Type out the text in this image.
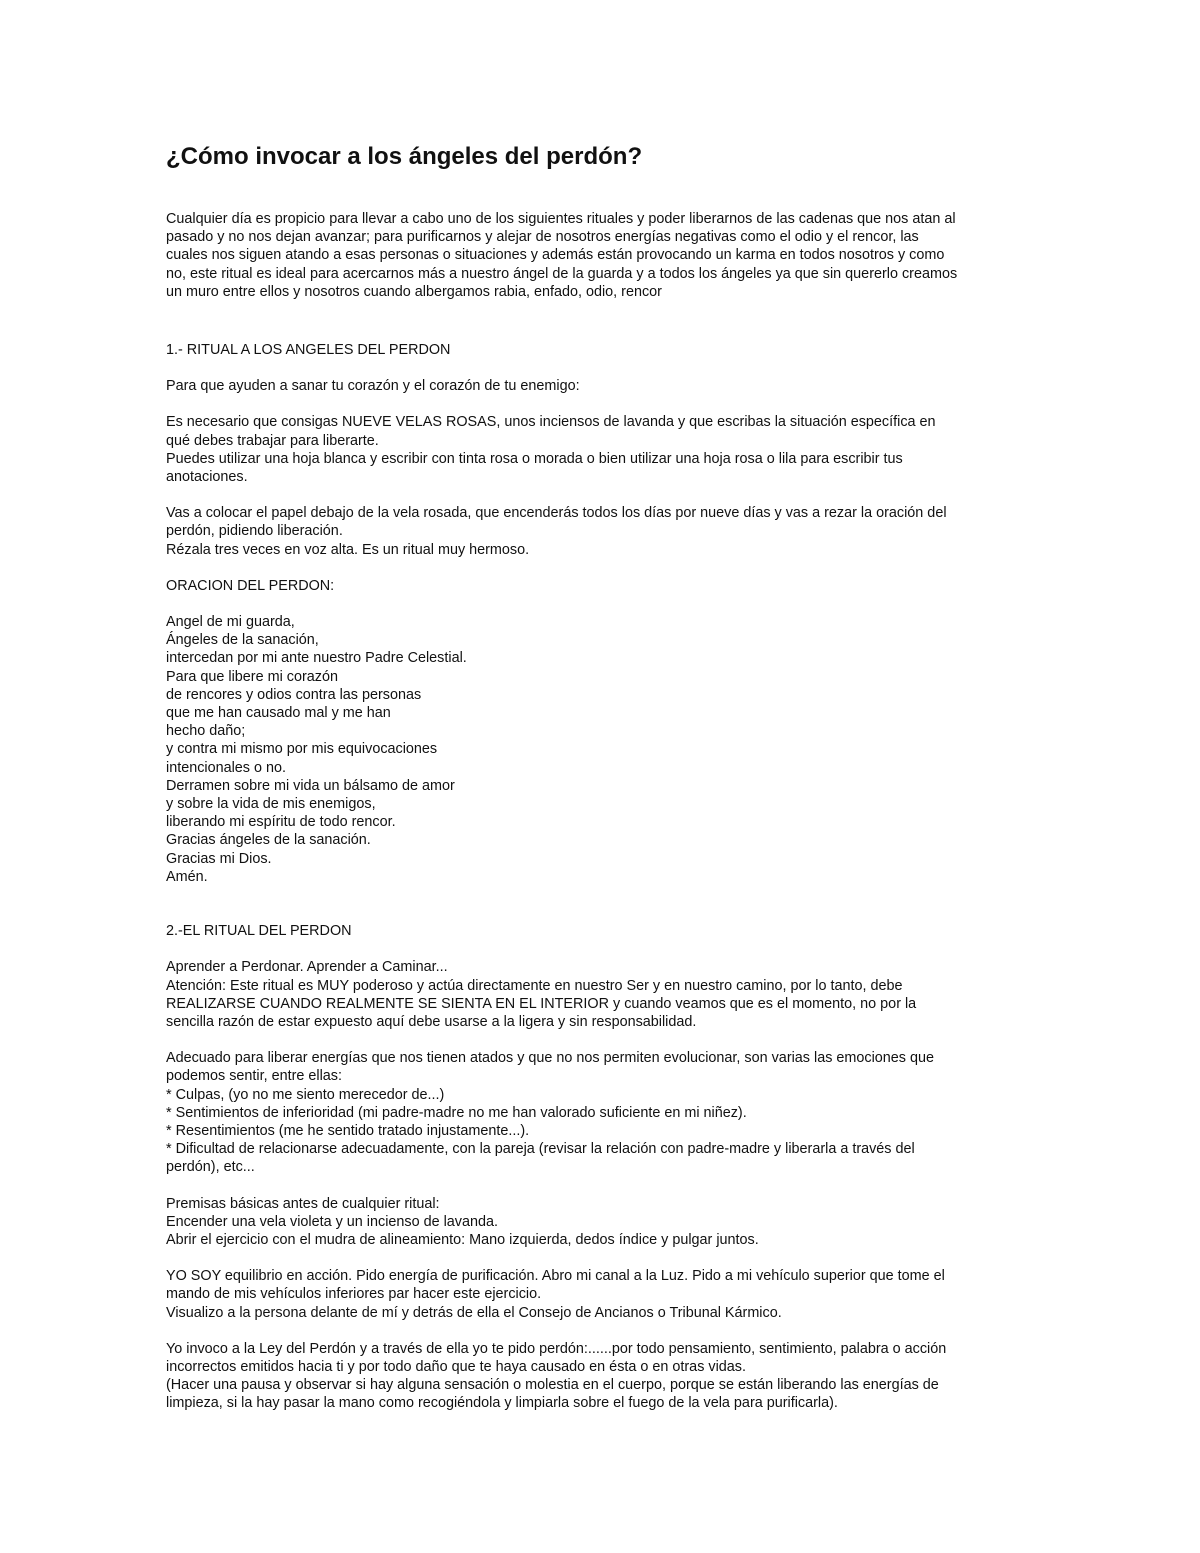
¿Cómo invocar a los ángeles del perdón?

Cualquier día es propicio para llevar a cabo uno de los siguientes rituales y poder liberarnos de las cadenas que nos atan al
pasado y no nos dejan avanzar; para purificarnos y alejar de nosotros energías negativas como el odio y el rencor, las
cuales nos siguen atando a esas personas o situaciones y además están provocando un karma en todos nosotros y como
no, este ritual es ideal para acercarnos más a nuestro ángel de la guarda y a todos los ángeles ya que sin quererlo creamos
un muro entre ellos y nosotros cuando albergamos rabia, enfado, odio, rencor

1.- RITUAL A LOS ANGELES DEL PERDON

Para que ayuden a sanar tu corazón y el corazón de tu enemigo:

Es necesario que consigas NUEVE VELAS ROSAS, unos inciensos de lavanda y que escribas la situación específica en
qué debes trabajar para liberarte.
Puedes utilizar una hoja blanca y escribir con tinta rosa o morada o bien utilizar una hoja rosa o lila para escribir tus
anotaciones.

Vas a colocar el papel debajo de la vela rosada, que encenderás todos los días por nueve días y vas a rezar la oración del
perdón, pidiendo liberación.
Rézala tres veces en voz alta. Es un ritual muy hermoso.

ORACION DEL PERDON:

Angel de mi guarda,
Ángeles de la sanación,
intercedan por mi ante nuestro Padre Celestial.
Para que libere mi corazón
de rencores y odios contra las personas
que me han causado mal y me han
hecho daño;
y contra mi mismo por mis equivocaciones
intencionales o no.
Derramen sobre mi vida un bálsamo de amor
y sobre la vida de mis enemigos,
liberando mi espíritu de todo rencor.
Gracias ángeles de la sanación.
Gracias mi Dios.
Amén.

2.-EL RITUAL DEL PERDON

Aprender a Perdonar. Aprender a Caminar...
Atención: Este ritual es MUY poderoso y actúa directamente en nuestro Ser y en nuestro camino, por lo tanto, debe
REALIZARSE CUANDO REALMENTE SE SIENTA EN EL INTERIOR y cuando veamos que es el momento, no por la
sencilla razón de estar expuesto aquí debe usarse a la ligera y sin responsabilidad.

Adecuado para liberar energías que nos tienen atados y que no nos permiten evolucionar, son varias las emociones que
podemos sentir, entre ellas:
* Culpas, (yo no me siento merecedor de...)
* Sentimientos de inferioridad (mi padre-madre no me han valorado suficiente en mi niñez).
* Resentimientos (me he sentido tratado injustamente...).
* Dificultad de relacionarse adecuadamente, con la pareja (revisar la relación con padre-madre y liberarla a través del
perdón), etc...

Premisas básicas antes de cualquier ritual:
Encender una vela violeta y un incienso de lavanda.
Abrir el ejercicio con el mudra de alineamiento: Mano izquierda, dedos índice y pulgar juntos.

YO SOY equilibrio en acción. Pido energía de purificación. Abro mi canal a la Luz. Pido a mi vehículo superior que tome el
mando de mis vehículos inferiores par hacer este ejercicio.
Visualizo a la persona delante de mí y detrás de ella el Consejo de Ancianos o Tribunal Kármico.

Yo invoco a la Ley del Perdón y a través de ella yo te pido perdón:......por todo pensamiento, sentimiento, palabra o acción
incorrectos emitidos hacia ti y por todo daño que te haya causado en ésta o en otras vidas.
(Hacer una pausa y observar si hay alguna sensación o molestia en el cuerpo, porque se están liberando las energías de
limpieza, si la hay pasar la mano como recogiéndola y limpiarla sobre el fuego de la vela para purificarla).
